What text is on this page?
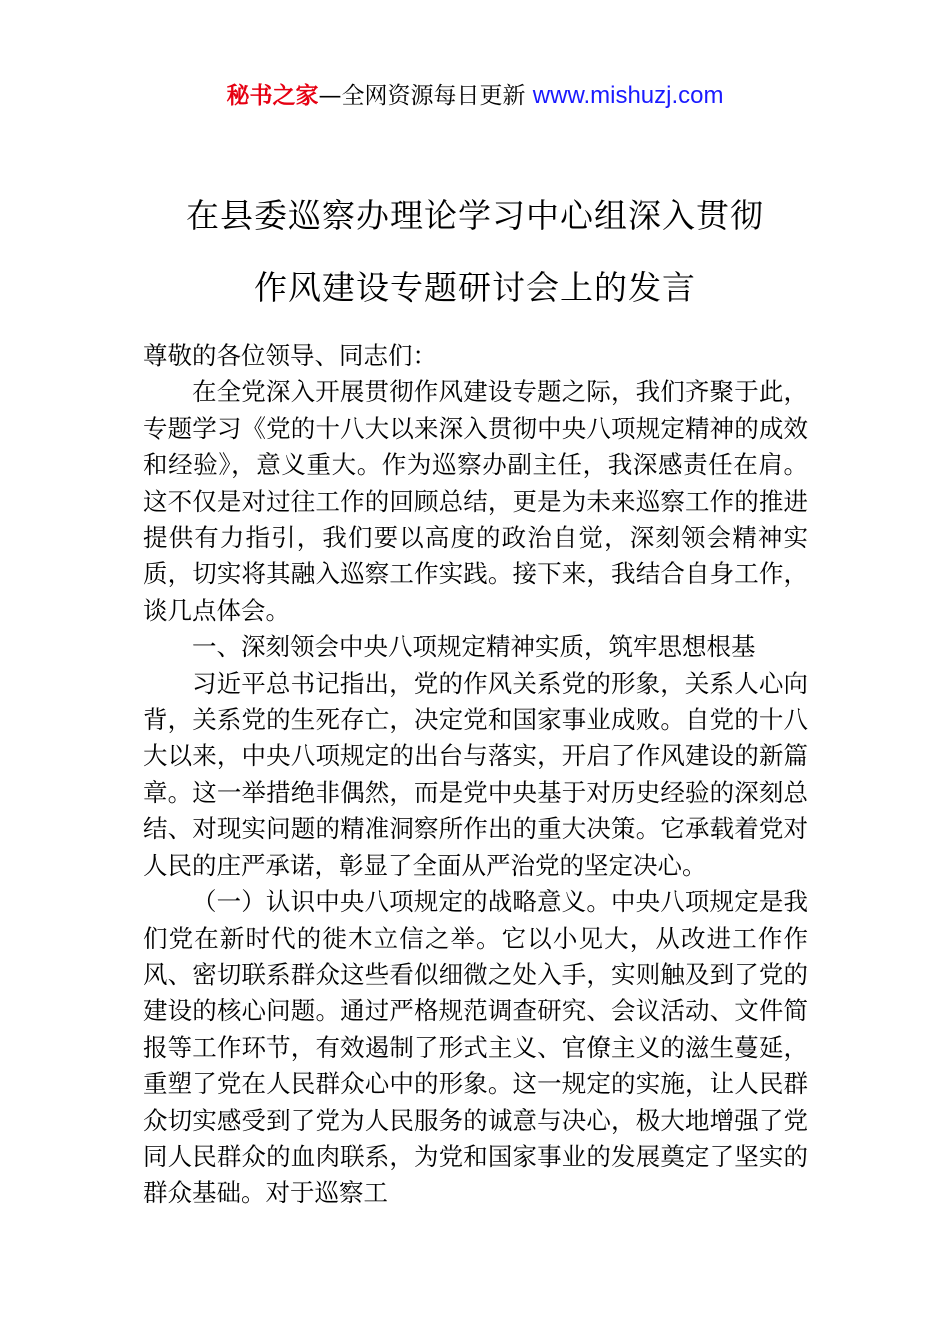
秘书之家—全网资源每日更新 www.mishuzj.com
在县委巡察办理论学习中心组深入贯彻
作风建设专题研讨会上的发言

尊敬的各位领导、同志们：

在全党深入开展贯彻作风建设专题之际，我们齐聚于此，专题学习《党的十八大以来深入贯彻中央八项规定精神的成效和经验》，意义重大。作为巡察办副主任，我深感责任在肩。这不仅是对过往工作的回顾总结，更是为未来巡察工作的推进提供有力指引，我们要以高度的政治自觉，深刻领会精神实质，切实将其融入巡察工作实践。接下来，我结合自身工作，谈几点体会。

一、深刻领会中央八项规定精神实质，筑牢思想根基

习近平总书记指出，党的作风关系党的形象，关系人心向背，关系党的生死存亡，决定党和国家事业成败。自党的十八大以来，中央八项规定的出台与落实，开启了作风建设的新篇章。这一举措绝非偶然，而是党中央基于对历史经验的深刻总结、对现实问题的精准洞察所作出的重大决策。它承载着党对人民的庄严承诺，彰显了全面从严治党的坚定决心。

（一）认识中央八项规定的战略意义。中央八项规定是我们党在新时代的徙木立信之举。它以小见大，从改进工作作风、密切联系群众这些看似细微之处入手，实则触及到了党的建设的核心问题。通过严格规范调查研究、会议活动、文件简报等工作环节，有效遏制了形式主义、官僚主义的滋生蔓延，重塑了党在人民群众心中的形象。这一规定的实施，让人民群众切实感受到了党为人民服务的诚意与决心，极大地增强了党同人民群众的血肉联系，为党和国家事业的发展奠定了坚实的群众基础。对于巡察工
